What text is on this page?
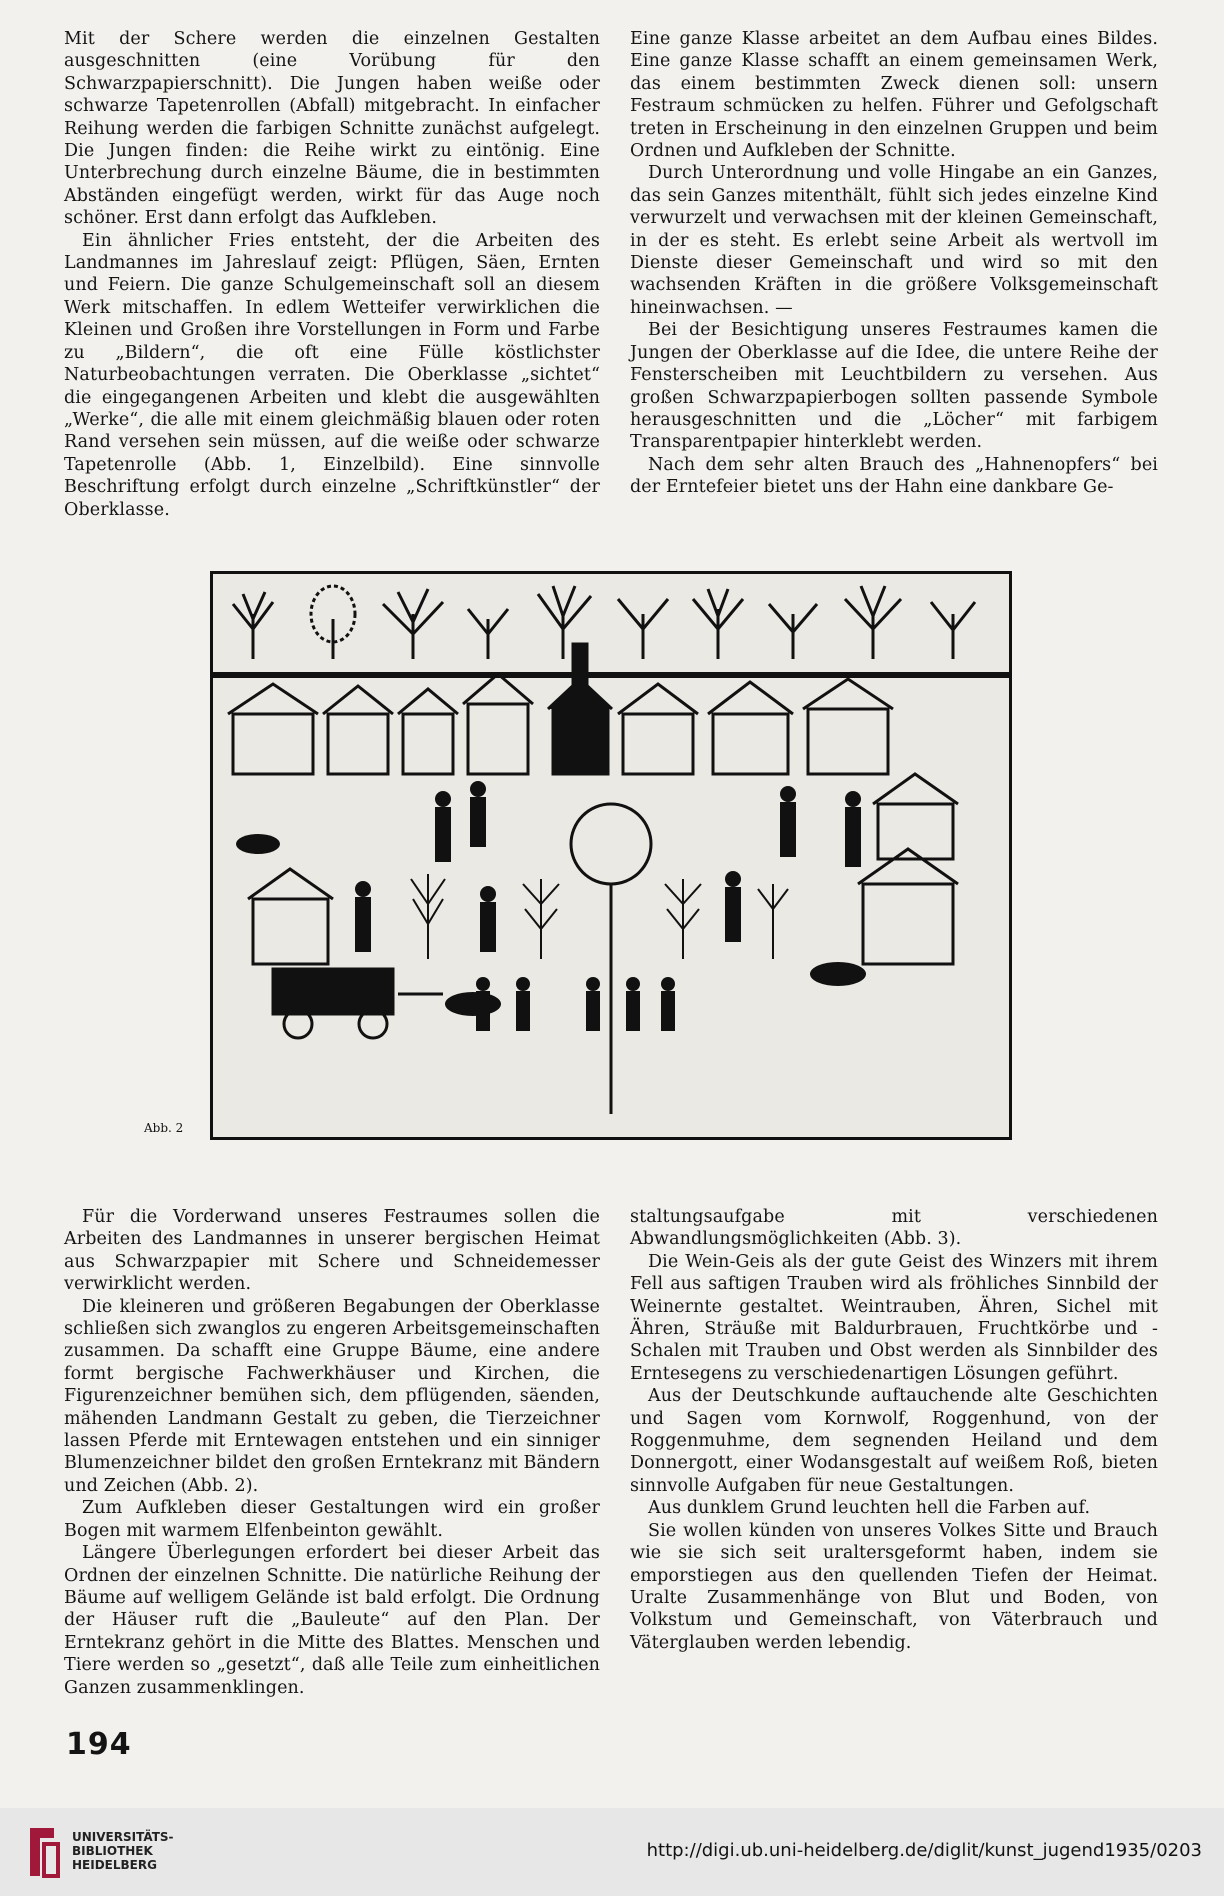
Mit der Schere werden die einzelnen Gestalten ausgeschnitten (eine Vorübung für den Schwarzpapierschnitt). Die Jungen haben weiße oder schwarze Tapetenrollen (Abfall) mitgebracht. In einfacher Reihung werden die farbigen Schnitte zunächst aufgelegt. Die Jungen finden: die Reihe wirkt zu eintönig. Eine Unterbrechung durch einzelne Bäume, die in bestimmten Abständen eingefügt werden, wirkt für das Auge noch schöner. Erst dann erfolgt das Aufkleben.

Ein ähnlicher Fries entsteht, der die Arbeiten des Landmannes im Jahreslauf zeigt: Pflügen, Säen, Ernten und Feiern. Die ganze Schulgemeinschaft soll an diesem Werk mitschaffen. In edlem Wetteifer verwirklichen die Kleinen und Großen ihre Vorstellungen in Form und Farbe zu „Bildern“, die oft eine Fülle köstlichster Naturbeobachtungen verraten. Die Oberklasse „sichtet“ die eingegangenen Arbeiten und klebt die ausgewählten „Werke“, die alle mit einem gleichmäßig blauen oder roten Rand versehen sein müssen, auf die weiße oder schwarze Tapetenrolle (Abb. 1, Einzelbild). Eine sinnvolle Beschriftung erfolgt durch einzelne „Schriftkünstler“ der Oberklasse.

Eine ganze Klasse arbeitet an dem Aufbau eines Bildes. Eine ganze Klasse schafft an einem gemeinsamen Werk, das einem bestimmten Zweck dienen soll: unsern Festraum schmücken zu helfen. Führer und Gefolgschaft treten in Erscheinung in den einzelnen Gruppen und beim Ordnen und Aufkleben der Schnitte.

Durch Unterordnung und volle Hingabe an ein Ganzes, das sein Ganzes mitenthält, fühlt sich jedes einzelne Kind verwurzelt und verwachsen mit der kleinen Gemeinschaft, in der es steht. Es erlebt seine Arbeit als wertvoll im Dienste dieser Gemeinschaft und wird so mit den wachsenden Kräften in die größere Volksgemeinschaft hineinwachsen. —

Bei der Besichtigung unseres Festraumes kamen die Jungen der Oberklasse auf die Idee, die untere Reihe der Fensterscheiben mit Leuchtbildern zu versehen. Aus großen Schwarzpapierbogen sollten passende Symbole herausgeschnitten und die „Löcher“ mit farbigem Transparentpapier hinterklebt werden.

Nach dem sehr alten Brauch des „Hahnenopfers“ bei der Erntefeier bietet uns der Hahn eine dankbare Ge-

Abb. 2

Für die Vorderwand unseres Festraumes sollen die Arbeiten des Landmannes in unserer bergischen Heimat aus Schwarzpapier mit Schere und Schneidemesser verwirklicht werden.

Die kleineren und größeren Begabungen der Oberklasse schließen sich zwanglos zu engeren Arbeitsgemeinschaften zusammen. Da schafft eine Gruppe Bäume, eine andere formt bergische Fachwerkhäuser und Kirchen, die Figurenzeichner bemühen sich, dem pflügenden, säenden, mähenden Landmann Gestalt zu geben, die Tierzeichner lassen Pferde mit Erntewagen entstehen und ein sinniger Blumenzeichner bildet den großen Erntekranz mit Bändern und Zeichen (Abb. 2).

Zum Aufkleben dieser Gestaltungen wird ein großer Bogen mit warmem Elfenbeinton gewählt.

Längere Überlegungen erfordert bei dieser Arbeit das Ordnen der einzelnen Schnitte. Die natürliche Reihung der Bäume auf welligem Gelände ist bald erfolgt. Die Ordnung der Häuser ruft die „Bauleute“ auf den Plan. Der Erntekranz gehört in die Mitte des Blattes. Menschen und Tiere werden so „gesetzt“, daß alle Teile zum einheitlichen Ganzen zusammenklingen.

staltungsaufgabe mit verschiedenen Abwandlungsmöglichkeiten (Abb. 3).

Die Wein-Geis als der gute Geist des Winzers mit ihrem Fell aus saftigen Trauben wird als fröhliches Sinnbild der Weinernte gestaltet. Weintrauben, Ähren, Sichel mit Ähren, Sträuße mit Baldurbrauen, Fruchtkörbe und -Schalen mit Trauben und Obst werden als Sinnbilder des Erntesegens zu verschiedenartigen Lösungen geführt.

Aus der Deutschkunde auftauchende alte Geschichten und Sagen vom Kornwolf, Roggenhund, von der Roggenmuhme, dem segnenden Heiland und dem Donnergott, einer Wodansgestalt auf weißem Roß, bieten sinnvolle Aufgaben für neue Gestaltungen.

Aus dunklem Grund leuchten hell die Farben auf.

Sie wollen künden von unseres Volkes Sitte und Brauch wie sie sich seit uraltersgeformt haben, indem sie emporstiegen aus den quellenden Tiefen der Heimat. Uralte Zusammenhänge von Blut und Boden, von Volkstum und Gemeinschaft, von Väterbrauch und Väterglauben werden lebendig.

194
UNIVERSITÄTS-
BIBLIOTHEK
HEIDELBERG
http://digi.ub.uni-heidelberg.de/diglit/kunst_jugend1935/0203
